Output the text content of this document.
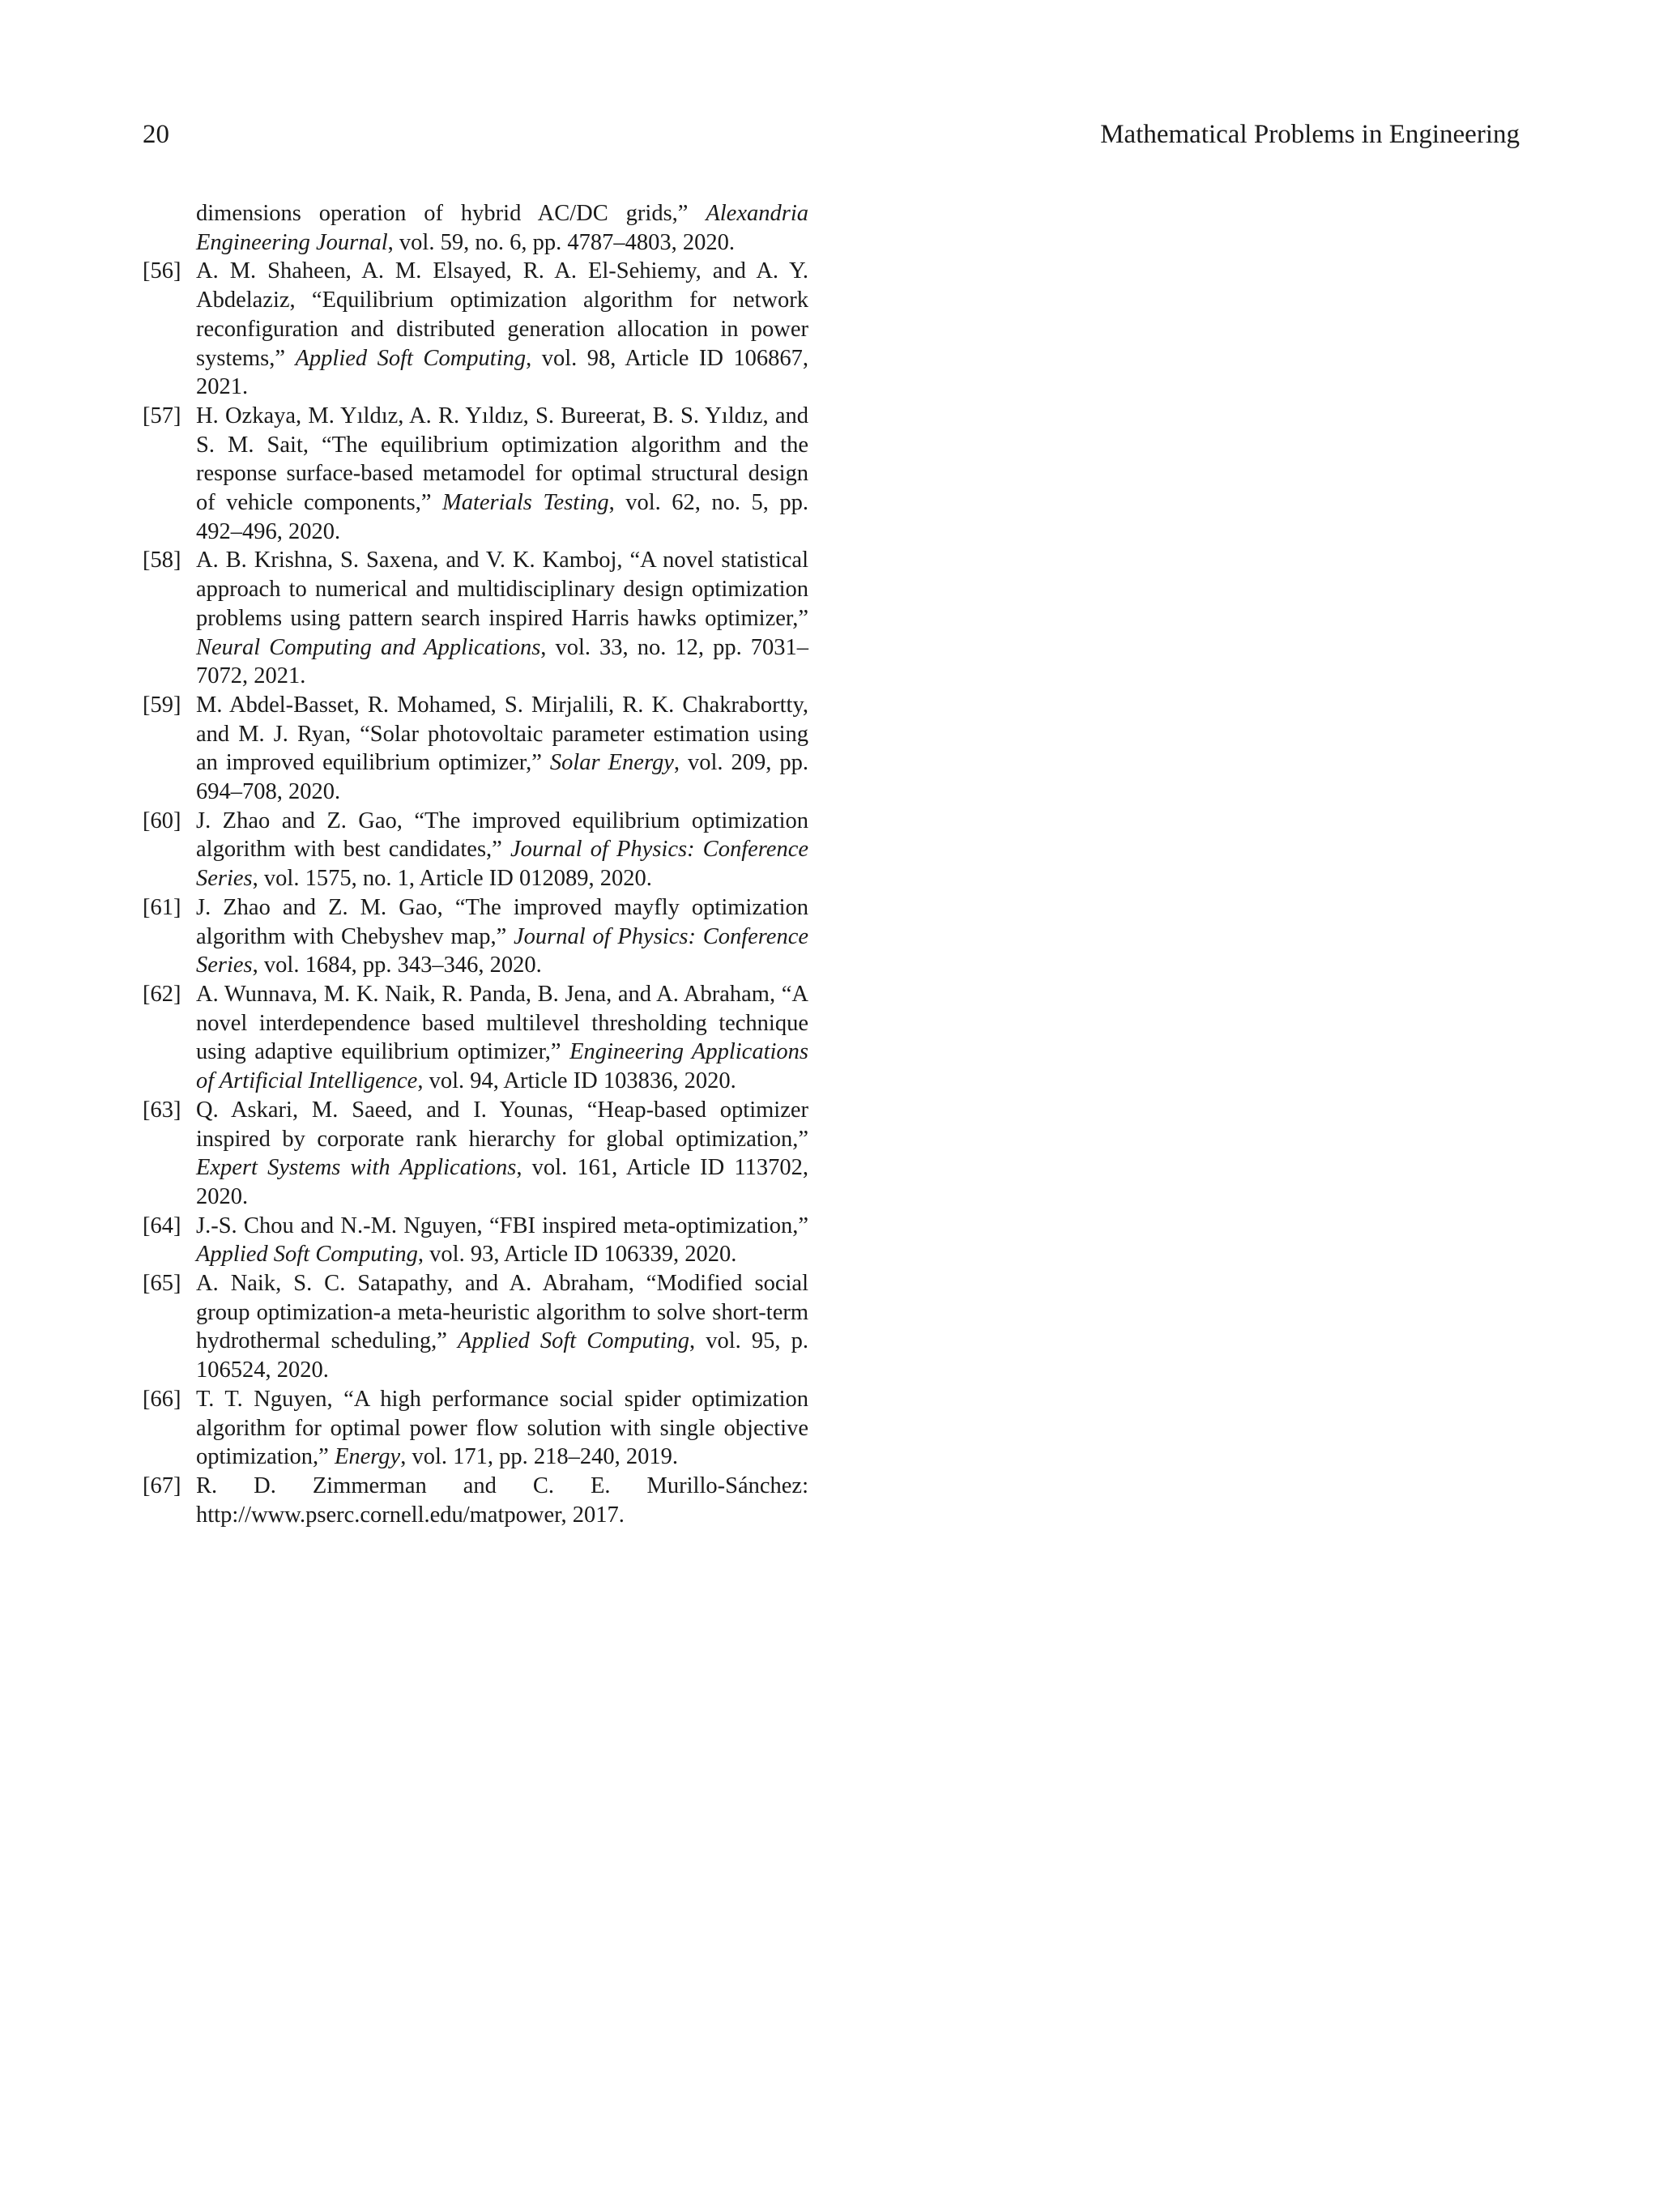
20	Mathematical Problems in Engineering

dimensions operation of hybrid AC/DC grids,” Alexandria Engineering Journal, vol. 59, no. 6, pp. 4787–4803, 2020.

[56] A. M. Shaheen, A. M. Elsayed, R. A. El-Sehiemy, and A. Y. Abdelaziz, “Equilibrium optimization algorithm for network reconfiguration and distributed generation allocation in power systems,” Applied Soft Computing, vol. 98, Article ID 106867, 2021.

[57] H. Ozkaya, M. Yıldız, A. R. Yıldız, S. Bureerat, B. S. Yıldız, and S. M. Sait, “The equilibrium optimization algorithm and the response surface-based metamodel for optimal structural design of vehicle components,” Materials Testing, vol. 62, no. 5, pp. 492–496, 2020.

[58] A. B. Krishna, S. Saxena, and V. K. Kamboj, “A novel statistical approach to numerical and multidisciplinary design optimization problems using pattern search inspired Harris hawks optimizer,” Neural Computing and Applications, vol. 33, no. 12, pp. 7031–7072, 2021.

[59] M. Abdel-Basset, R. Mohamed, S. Mirjalili, R. K. Chakrabortty, and M. J. Ryan, “Solar photovoltaic parameter estimation using an improved equilibrium optimizer,” Solar Energy, vol. 209, pp. 694–708, 2020.

[60] J. Zhao and Z. Gao, “The improved equilibrium optimization algorithm with best candidates,” Journal of Physics: Conference Series, vol. 1575, no. 1, Article ID 012089, 2020.

[61] J. Zhao and Z. M. Gao, “The improved mayfly optimization algorithm with Chebyshev map,” Journal of Physics: Conference Series, vol. 1684, pp. 343–346, 2020.

[62] A. Wunnava, M. K. Naik, R. Panda, B. Jena, and A. Abraham, “A novel interdependence based multilevel thresholding technique using adaptive equilibrium optimizer,” Engineering Applications of Artificial Intelligence, vol. 94, Article ID 103836, 2020.

[63] Q. Askari, M. Saeed, and I. Younas, “Heap-based optimizer inspired by corporate rank hierarchy for global optimization,” Expert Systems with Applications, vol. 161, Article ID 113702, 2020.

[64] J.-S. Chou and N.-M. Nguyen, “FBI inspired meta-optimization,” Applied Soft Computing, vol. 93, Article ID 106339, 2020.

[65] A. Naik, S. C. Satapathy, and A. Abraham, “Modified social group optimization-a meta-heuristic algorithm to solve short-term hydrothermal scheduling,” Applied Soft Computing, vol. 95, p. 106524, 2020.

[66] T. T. Nguyen, “A high performance social spider optimization algorithm for optimal power flow solution with single objective optimization,” Energy, vol. 171, pp. 218–240, 2019.

[67] R. D. Zimmerman and C. E. Murillo-Sánchez: http://www.pserc.cornell.edu/matpower, 2017.
